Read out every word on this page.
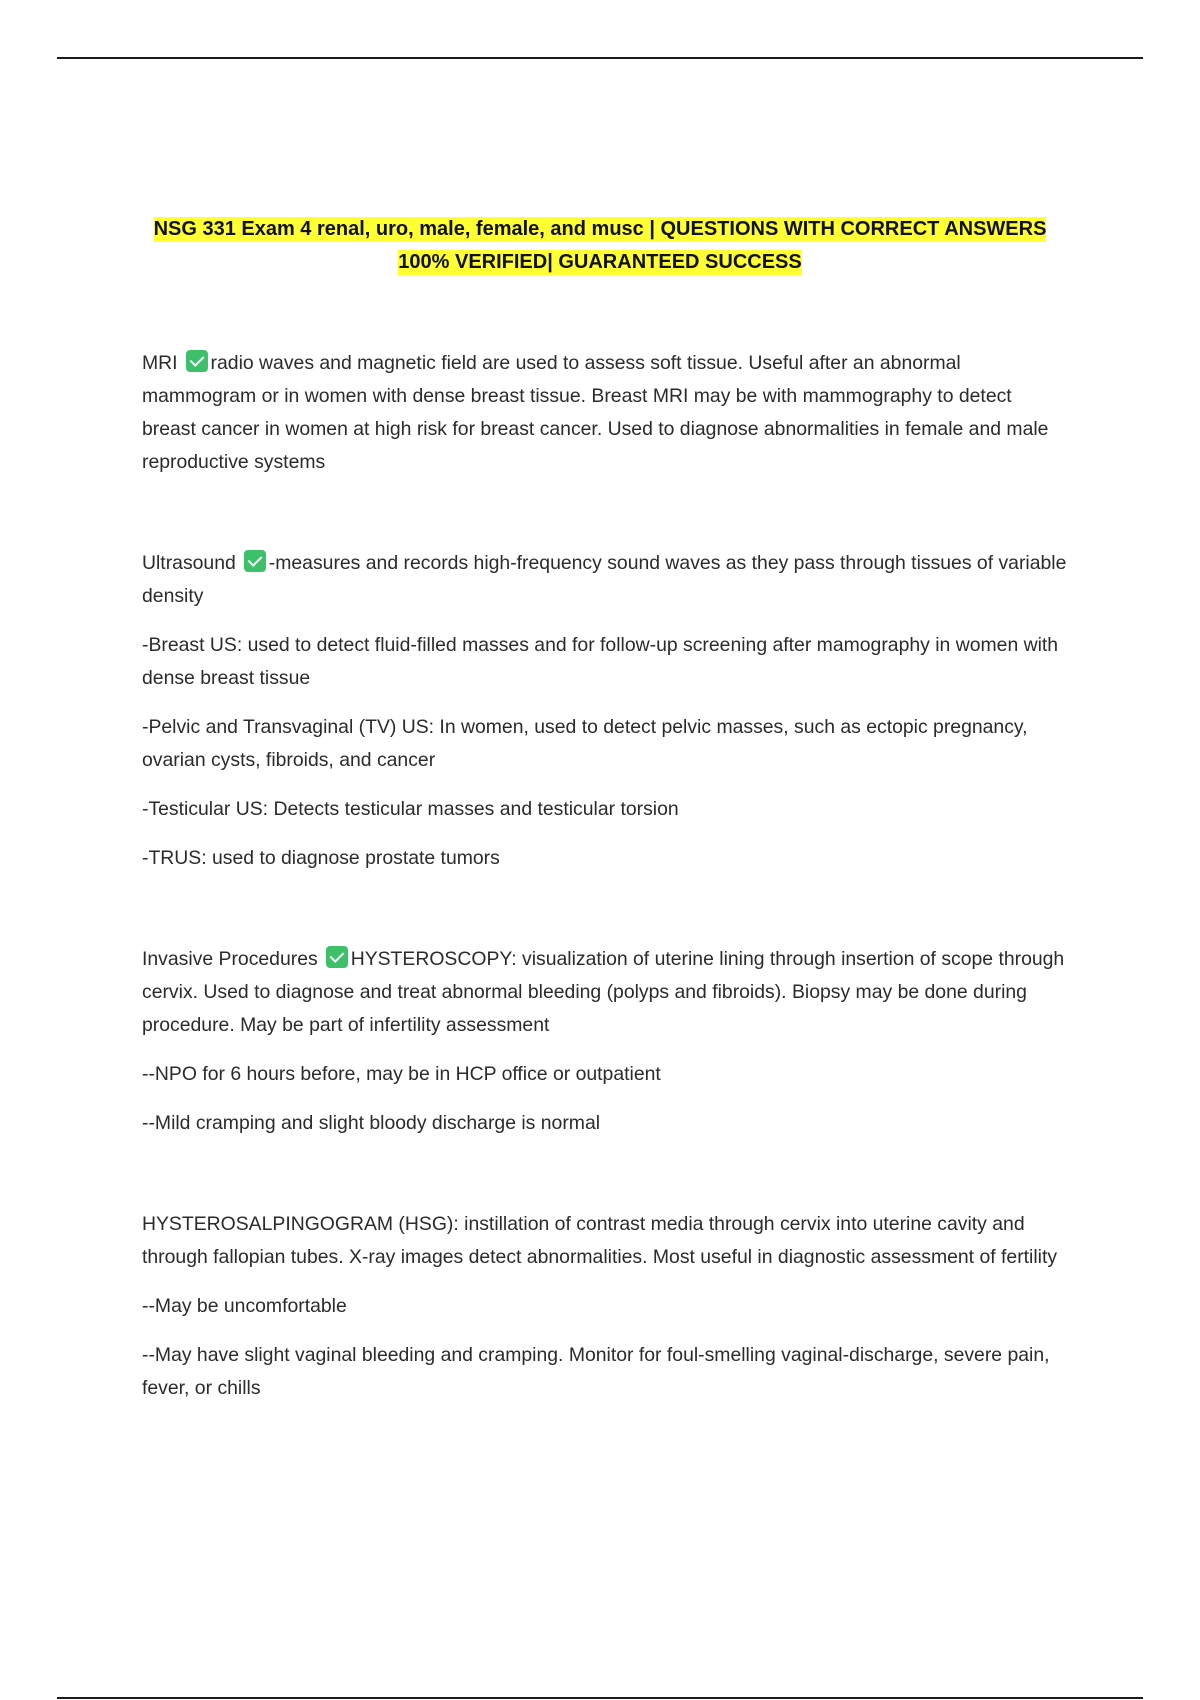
NSG 331 Exam 4 renal, uro, male, female, and musc | QUESTIONS WITH CORRECT ANSWERS
100% VERIFIED| GUARANTEED SUCCESS

MRI radio waves and magnetic field are used to assess soft tissue. Useful after an abnormal mammogram or in women with dense breast tissue. Breast MRI may be with mammography to detect breast cancer in women at high risk for breast cancer. Used to diagnose abnormalities in female and male reproductive systems

Ultrasound -measures and records high-frequency sound waves as they pass through tissues of variable density

-Breast US: used to detect fluid-filled masses and for follow-up screening after mamography in women with dense breast tissue

-Pelvic and Transvaginal (TV) US: In women, used to detect pelvic masses, such as ectopic pregnancy, ovarian cysts, fibroids, and cancer

-Testicular US: Detects testicular masses and testicular torsion

-TRUS: used to diagnose prostate tumors

Invasive Procedures HYSTEROSCOPY: visualization of uterine lining through insertion of scope through cervix. Used to diagnose and treat abnormal bleeding (polyps and fibroids). Biopsy may be done during procedure. May be part of infertility assessment

--NPO for 6 hours before, may be in HCP office or outpatient

--Mild cramping and slight bloody discharge is normal

HYSTEROSALPINGOGRAM (HSG): instillation of contrast media through cervix into uterine cavity and through fallopian tubes. X-ray images detect abnormalities. Most useful in diagnostic assessment of fertility

--May be uncomfortable

--May have slight vaginal bleeding and cramping. Monitor for foul-smelling vaginal-discharge, severe pain, fever, or chills
